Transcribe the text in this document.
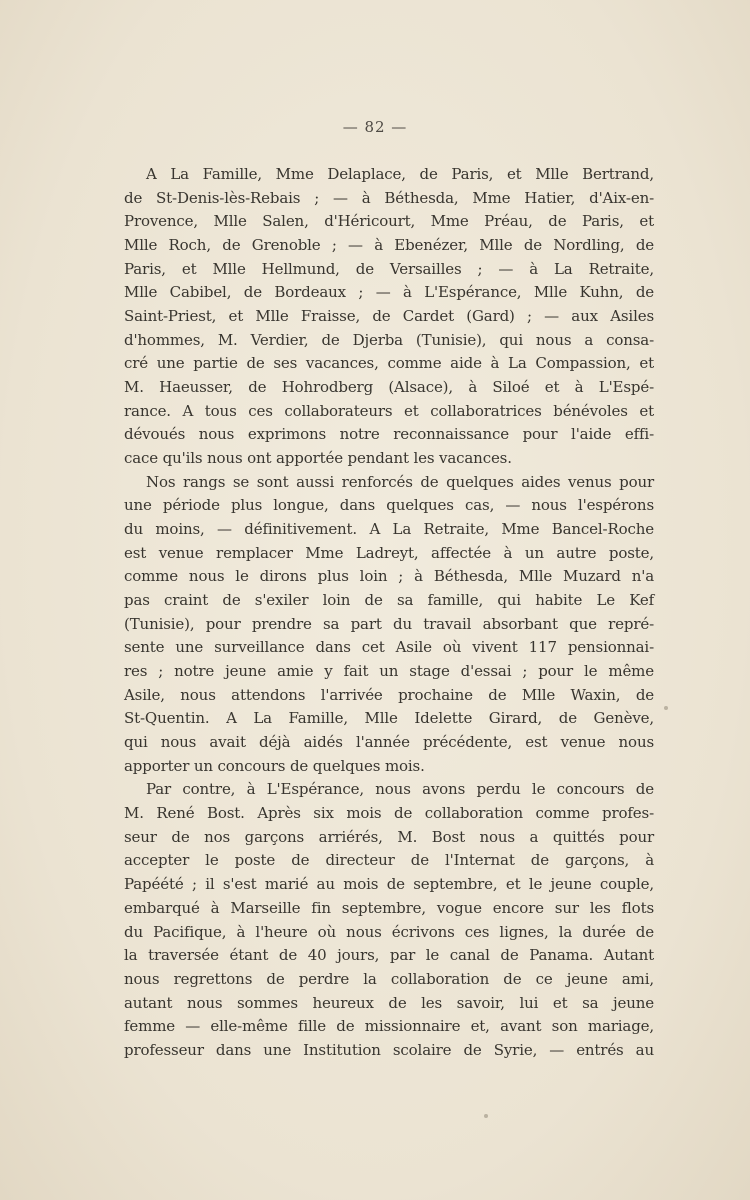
— 82 —
A La Famille, Mme Delaplace, de Paris, et Mlle Bertrand,
de St-Denis-lès-Rebais ; — à Béthesda, Mme Hatier, d'Aix-en-
Provence, Mlle Salen, d'Héricourt, Mme Préau, de Paris, et
Mlle Roch, de Grenoble ; — à Ebenézer, Mlle de Nordling, de
Paris, et Mlle Hellmund, de Versailles ; — à La Retraite,
Mlle Cabibel, de Bordeaux ; — à L'Espérance, Mlle Kuhn, de
Saint-Priest, et Mlle Fraisse, de Cardet (Gard) ; — aux Asiles
d'hommes, M. Verdier, de Djerba (Tunisie), qui nous a consa-
cré une partie de ses vacances, comme aide à La Compassion, et
M. Haeusser, de Hohrodberg (Alsace), à Siloé et à L'Espé-
rance. A tous ces collaborateurs et collaboratrices bénévoles et
dévoués nous exprimons notre reconnaissance pour l'aide effi-
cace qu'ils nous ont apportée pendant les vacances.
Nos rangs se sont aussi renforcés de quelques aides venus pour
une période plus longue, dans quelques cas, — nous l'espérons
du moins, — définitivement. A La Retraite, Mme Bancel-Roche
est venue remplacer Mme Ladreyt, affectée à un autre poste,
comme nous le dirons plus loin ; à Béthesda, Mlle Muzard n'a
pas craint de s'exiler loin de sa famille, qui habite Le Kef
(Tunisie), pour prendre sa part du travail absorbant que repré-
sente une surveillance dans cet Asile où vivent 117 pensionnai-
res ; notre jeune amie y fait un stage d'essai ; pour le même
Asile, nous attendons l'arrivée prochaine de Mlle Waxin, de
St-Quentin. A La Famille, Mlle Idelette Girard, de Genève,
qui nous avait déjà aidés l'année précédente, est venue nous
apporter un concours de quelques mois.
Par contre, à L'Espérance, nous avons perdu le concours de
M. René Bost. Après six mois de collaboration comme profes-
seur de nos garçons arriérés, M. Bost nous a quittés pour
accepter le poste de directeur de l'Internat de garçons, à
Papéété ; il s'est marié au mois de septembre, et le jeune couple,
embarqué à Marseille fin septembre, vogue encore sur les flots
du Pacifique, à l'heure où nous écrivons ces lignes, la durée de
la traversée étant de 40 jours, par le canal de Panama. Autant
nous regrettons de perdre la collaboration de ce jeune ami,
autant nous sommes heureux de les savoir, lui et sa jeune
femme — elle-même fille de missionnaire et, avant son mariage,
professeur dans une Institution scolaire de Syrie, — entrés au
